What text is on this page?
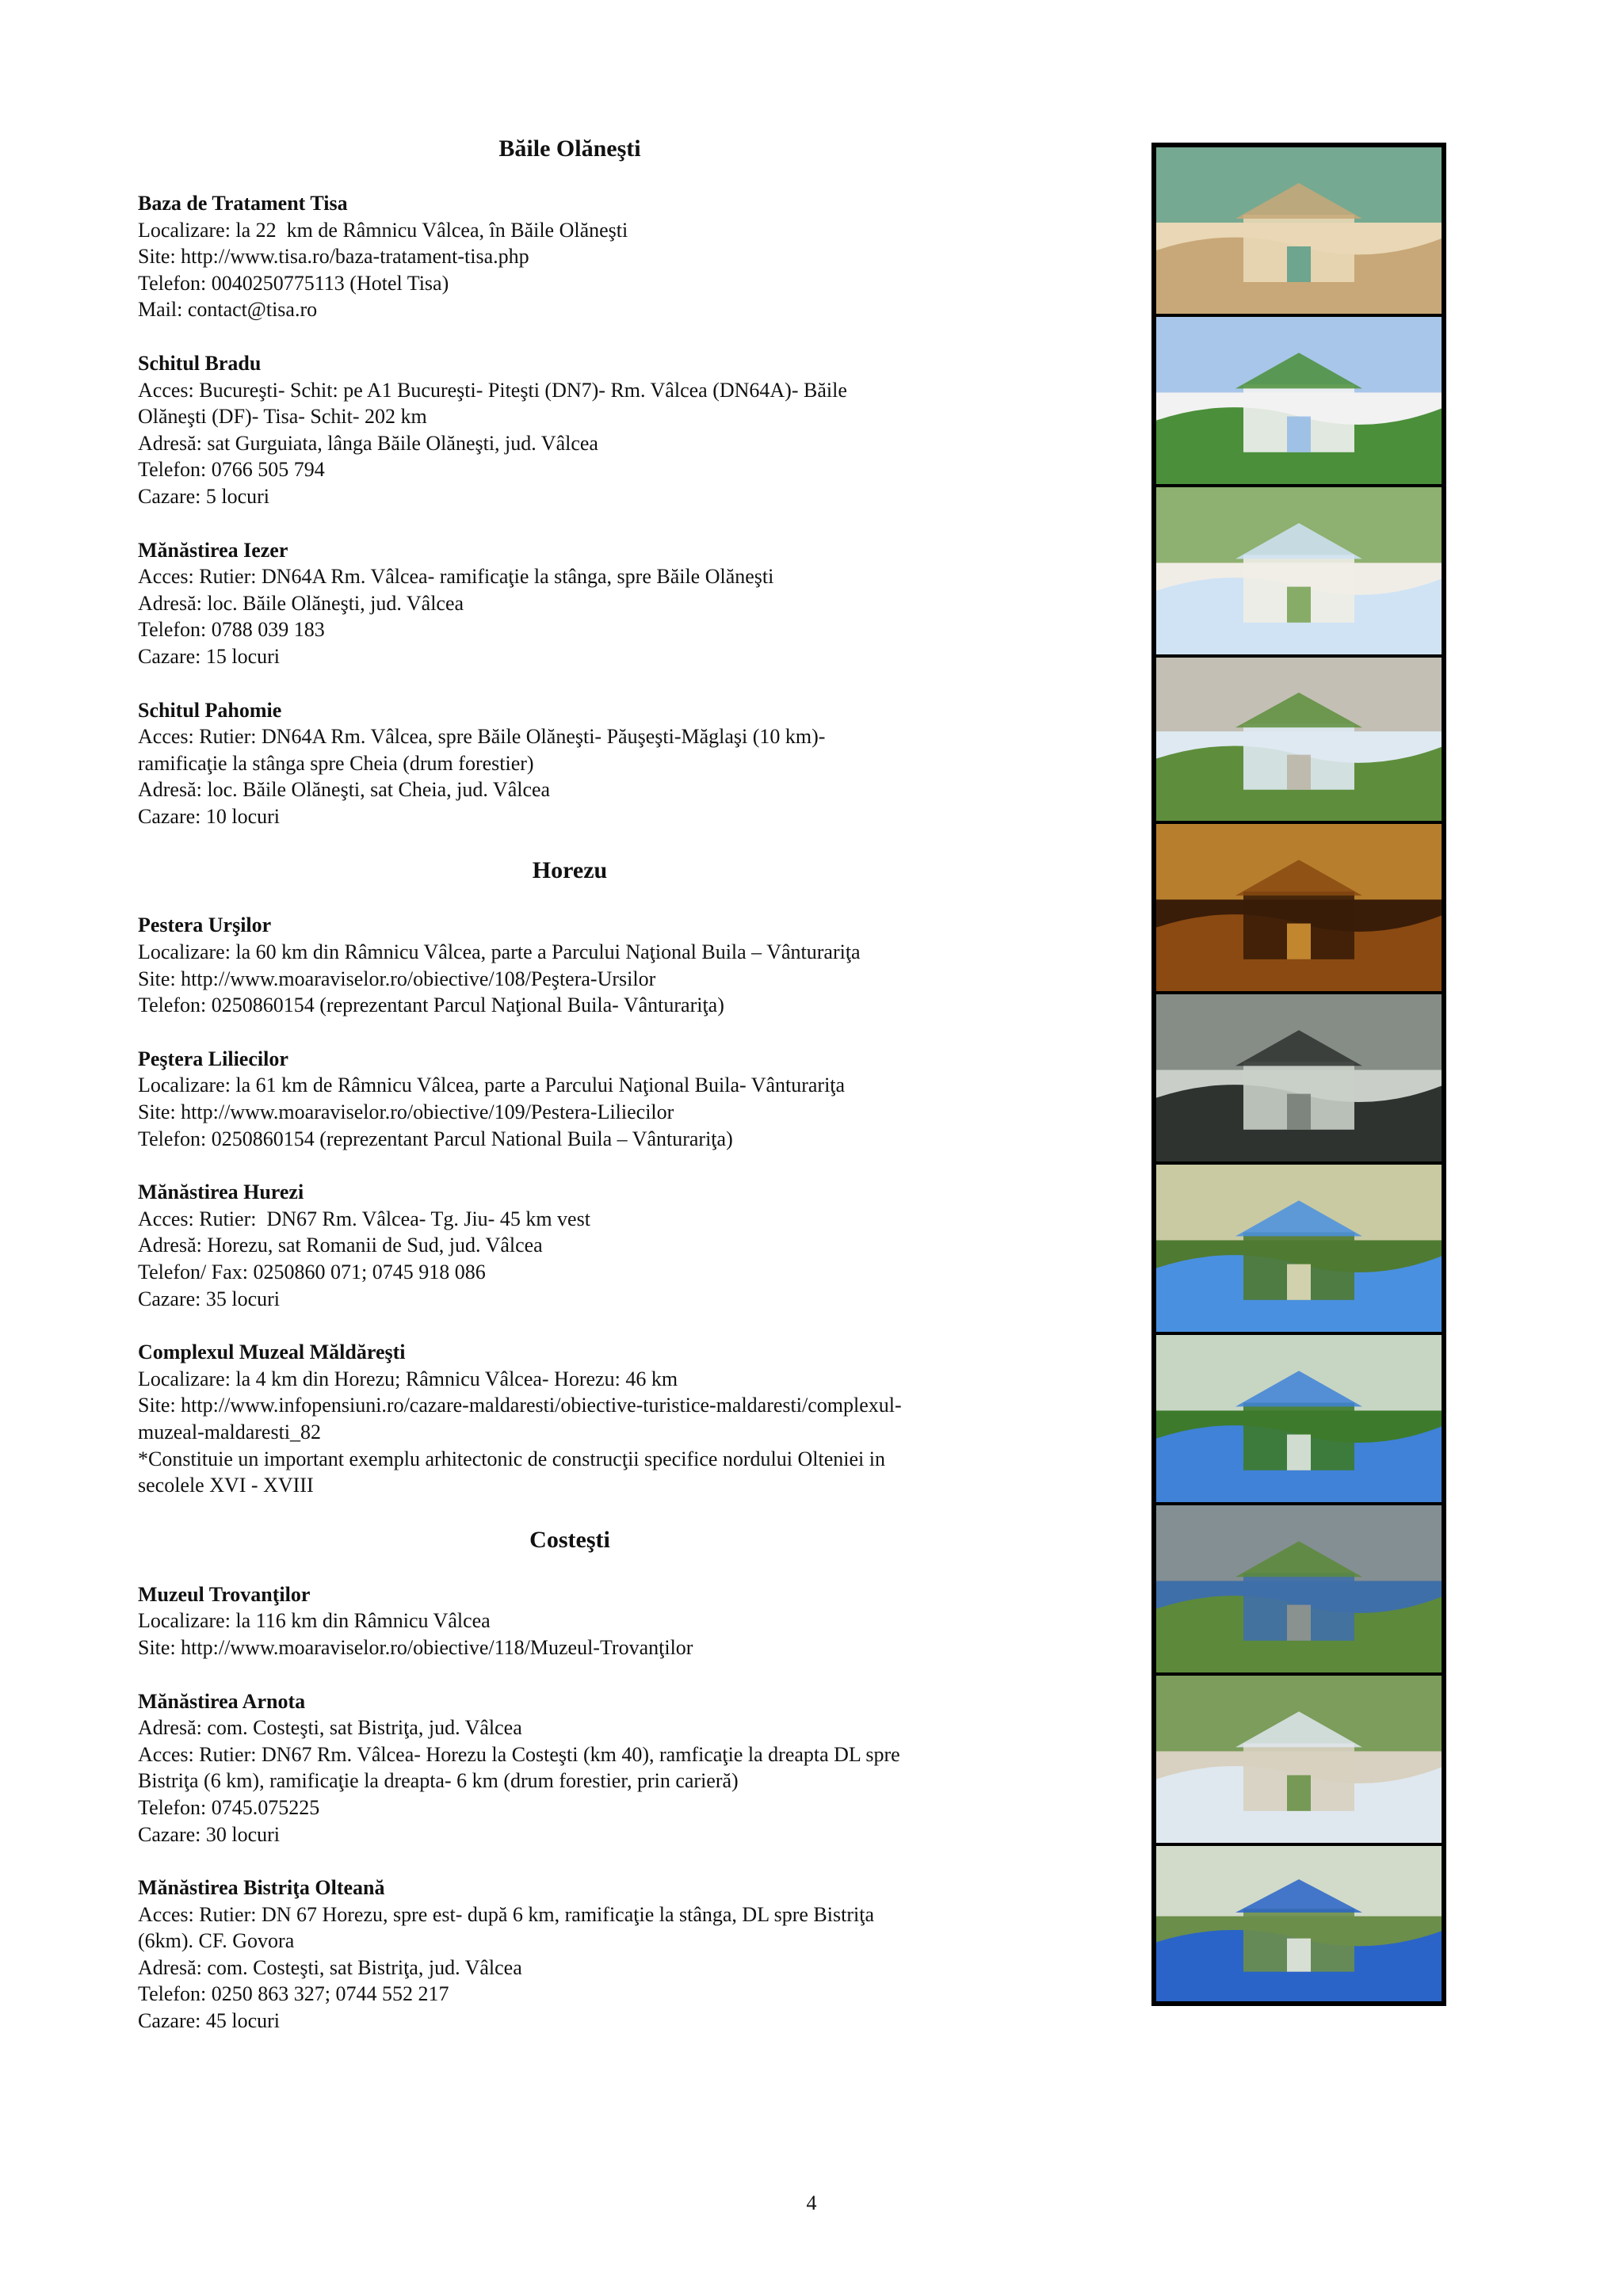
Băile Olăneşti
Baza de Tratament Tisa
Localizare: la 22  km de Râmnicu Vâlcea, în Băile Olăneşti
Site: http://www.tisa.ro/baza-tratament-tisa.php
Telefon: 0040250775113 (Hotel Tisa)
Mail: contact@tisa.ro
Schitul Bradu
Acces: Bucureşti- Schit: pe A1 Bucureşti- Piteşti (DN7)- Rm. Vâlcea (DN64A)- Băile
Olăneşti (DF)- Tisa- Schit- 202 km
Adresă: sat Gurguiata, lânga Băile Olăneşti, jud. Vâlcea
Telefon: 0766 505 794
Cazare: 5 locuri
Mănăstirea Iezer
Acces: Rutier: DN64A Rm. Vâlcea- ramificaţie la stânga, spre Băile Olăneşti
Adresă: loc. Băile Olăneşti, jud. Vâlcea
Telefon: 0788 039 183
Cazare: 15 locuri
Schitul Pahomie
Acces: Rutier: DN64A Rm. Vâlcea, spre Băile Olăneşti- Păuşeşti-Măglaşi (10 km)-
ramificaţie la stânga spre Cheia (drum forestier)
Adresă: loc. Băile Olăneşti, sat Cheia, jud. Vâlcea
Cazare: 10 locuri
Horezu
Pestera Urşilor
Localizare: la 60 km din Râmnicu Vâlcea, parte a Parcului Naţional Buila – Vânturariţa
Site: http://www.moaraviselor.ro/obiective/108/Peştera-Ursilor
Telefon: 0250860154 (reprezentant Parcul Naţional Buila- Vânturariţa)
Peştera Liliecilor
Localizare: la 61 km de Râmnicu Vâlcea, parte a Parcului Naţional Buila- Vânturariţa
Site: http://www.moaraviselor.ro/obiective/109/Pestera-Liliecilor
Telefon: 0250860154 (reprezentant Parcul National Buila – Vânturariţa)
Mănăstirea Hurezi
Acces: Rutier:  DN67 Rm. Vâlcea- Tg. Jiu- 45 km vest
Adresă: Horezu, sat Romanii de Sud, jud. Vâlcea
Telefon/ Fax: 0250860 071; 0745 918 086
Cazare: 35 locuri
Complexul Muzeal Măldăreşti
Localizare: la 4 km din Horezu; Râmnicu Vâlcea- Horezu: 46 km
Site: http://www.infopensiuni.ro/cazare-maldaresti/obiective-turistice-maldaresti/complexul-
muzeal-maldaresti_82
*Constituie un important exemplu arhitectonic de construcţii specifice nordului Olteniei in
secolele XVI - XVIII
Costeşti
Muzeul Trovanţilor
Localizare: la 116 km din Râmnicu Vâlcea
Site: http://www.moaraviselor.ro/obiective/118/Muzeul-Trovanţilor
Mănăstirea Arnota
Adresă: com. Costeşti, sat Bistriţa, jud. Vâlcea
Acces: Rutier: DN67 Rm. Vâlcea- Horezu la Costeşti (km 40), ramficaţie la dreapta DL spre
Bistriţa (6 km), ramificaţie la dreapta- 6 km (drum forestier, prin carieră)
Telefon: 0745.075225
Cazare: 30 locuri
Mănăstirea Bistriţa Olteană
Acces: Rutier: DN 67 Horezu, spre est- după 6 km, ramificaţie la stânga, DL spre Bistriţa
(6km). CF. Govora
Adresă: com. Costeşti, sat Bistriţa, jud. Vâlcea
Telefon: 0250 863 327; 0744 552 217
Cazare: 45 locuri
4
